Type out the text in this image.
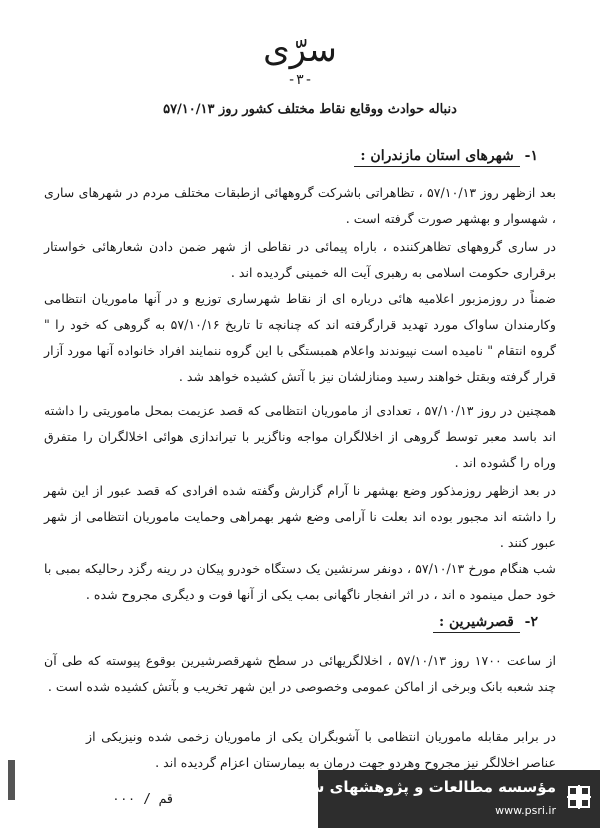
سرّی
-۳-
دنباله حوادث ووقایع نقاط مختلف کشور روز ۵۷/۱۰/۱۳
۱- شهرهای استان مازندران :
بعد ازظهر روز ۵۷/۱۰/۱۳ ، تظاهراتی باشرکت گروههائی ازطبقات مختلف مردم در شهرهای ساری ، شهسوار و بهشهر صورت گرفته است .
در ساری گروههای تظاهرکننده ، باراه پیمائی در نقاطی از شهر ضمن دادن شعارهائی خواستار برقراری حکومت اسلامی به رهبری آیت اله خمینی گردیده اند .
ضمناً در روزمزبور اعلامیه هائی درباره ای از نقاط شهرساری توزیع و در آنها ماموریان انتظامی وکارمندان ساواک مورد تهدید قرارگرفته اند که چنانچه تا تاریخ ۵۷/۱۰/۱۶ به گروهی که خود را " گروه انتقام " نامیده است نپیوندند واعلام همبستگی با این گروه ننمایند افراد خانواده آنها مورد آزار قرار گرفته وبقتل خواهند رسید ومنازلشان نیز با آتش کشیده خواهد شد .
همچنین در روز ۵۷/۱۰/۱۳ ، تعدادی از ماموریان انتظامی که قصد عزیمت بمحل ماموریتی را داشته اند باسد معبر توسط گروهی از اخلالگران مواجه وناگزیر با تیراندازی هوائی اخلالگران را متفرق وراه را گشوده اند .
در بعد ازظهر روزمذکور وضع بهشهر نا آرام گزارش وگفته شده افرادی که قصد عبور از این شهر را داشته اند مجبور بوده اند بعلت نا آرامی وضع شهر بهمراهی وحمایت ماموریان انتظامی از شهر عبور کنند .
شب هنگام مورخ ۵۷/۱۰/۱۳ ، دونفر سرنشین یک دستگاه خودرو پیکان در رینه رگزد رحالیکه بمبی با خود حمل مینمود ه اند ، در اثر انفجار ناگهانی بمب یکی از آنها فوت و دیگری مجروح شده .
۲- قصرشیرین :
از ساعت ۱۷۰۰ روز ۵۷/۱۰/۱۳ ، اخلالگریهائی در سطح شهرقصرشیرین بوقوع پیوسته که طی آن چند شعبه بانک وبرخی از اماکن عمومی وخصوصی در این شهر تخریب و بآتش کشیده شده است .
در برابر مقابله ماموریان انتظامی با آشوبگران یکی از ماموریان زخمی شده ونیزیکی از عناصر اخلالگر نیز مجروح وهردو جهت درمان به بیمارستان اعزام گردیده اند .
قم / ۰۰۰
مؤسسه مطالعات و پژوهشهای سیاسی
www.psri.ir
